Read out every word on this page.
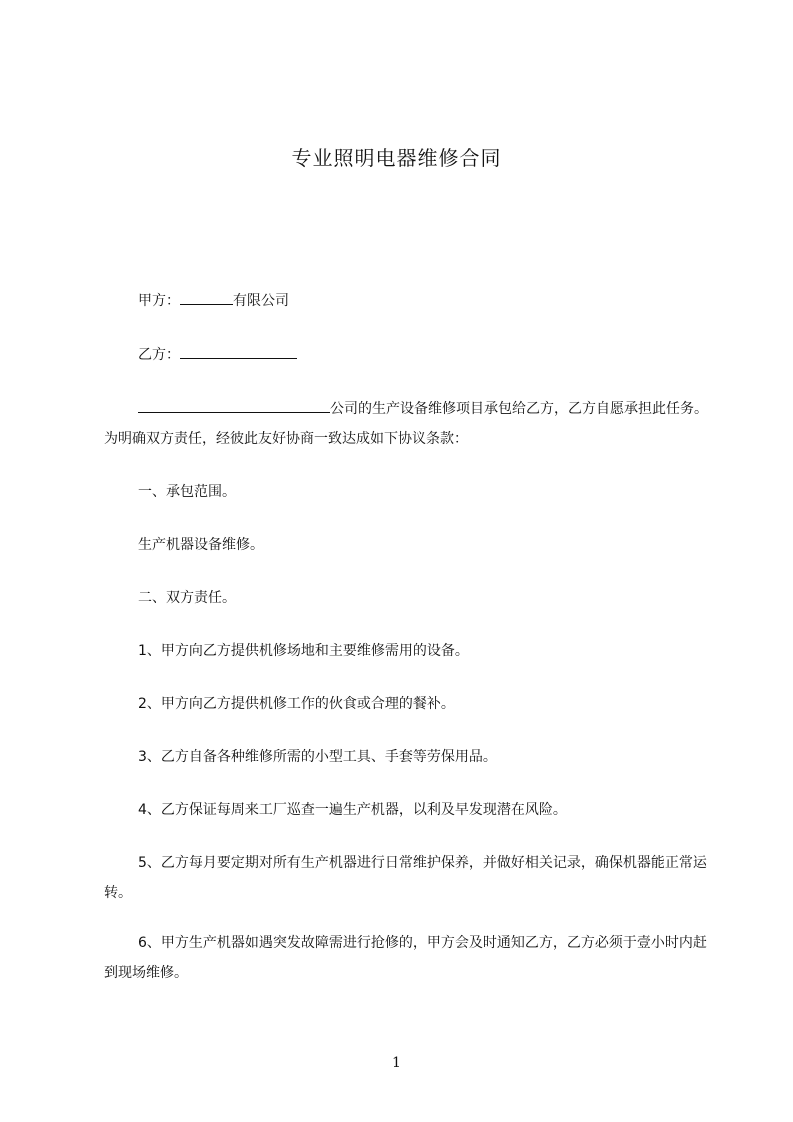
专业照明电器维修合同
甲方：	有限公司
乙方：
公司的生产设备维修项目承包给乙方，乙方自愿承担此任务。为明确双方责任，经彼此友好协商一致达成如下协议条款：
一、承包范围。
生产机器设备维修。
二、双方责任。
1、甲方向乙方提供机修场地和主要维修需用的设备。
2、甲方向乙方提供机修工作的伙食或合理的餐补。
3、乙方自备各种维修所需的小型工具、手套等劳保用品。
4、乙方保证每周来工厂巡查一遍生产机器，以利及早发现潜在风险。
5、乙方每月要定期对所有生产机器进行日常维护保养，并做好相关记录，确保机器能正常运转。
6、甲方生产机器如遇突发故障需进行抢修的，甲方会及时通知乙方，乙方必须于壹小时内赶到现场维修。
1
